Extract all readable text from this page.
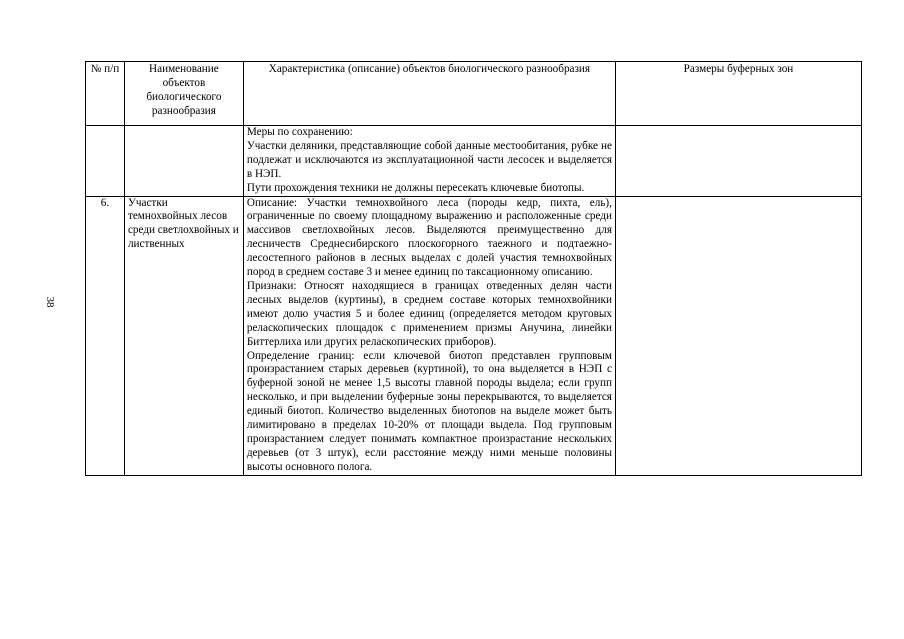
38
№ п/п	Наименование объектов биологического разнообразия	Характеристика (описание) объектов биологического разнообразия	Размеры буферных зон

		Меры по сохранению:

Участки деляники, представляющие собой данные местообитания, рубке не подлежат и исключаются из эксплуатационной части лесосек и выделяется в НЭП.

Пути прохождения техники не должны пересекать ключевые биотопы.	

6.	Участки темнохвойных лесов среди светлохвойных и лиственных	Описание: Участки темнохвойного леса (породы кедр, пихта, ель), ограниченные по своему площадному выражению и расположенные среди массивов светлохвойных лесов. Выделяются преимущественно для лесничеств Среднесибирского плоскогорного таежного и подтаежно-лесостепного районов в лесных выделах с долей участия темнохвойных пород в среднем составе 3 и менее единиц по таксационному описанию.

Признаки: Относят находящиеся в границах отведенных делян части лесных выделов (куртины), в среднем составе которых темнохвойники имеют долю участия 5 и более единиц (определяется методом круговых реласкопических площадок с применением призмы Анучина, линейки Биттерлиха или других реласкопических приборов).

Определение границ: если ключевой биотоп представлен групповым произрастанием старых деревьев (куртиной), то она выделяется в НЭП с буферной зоной не менее 1,5 высоты главной породы выдела; если групп несколько, и при выделении буферные зоны перекрываются, то выделяется единый биотоп. Количество выделенных биотопов на выделе может быть лимитировано в пределах 10-20% от площади выдела. Под групповым произрастанием следует понимать компактное произрастание нескольких деревьев (от 3 штук), если расстояние между ними меньше половины высоты основного полога.	
